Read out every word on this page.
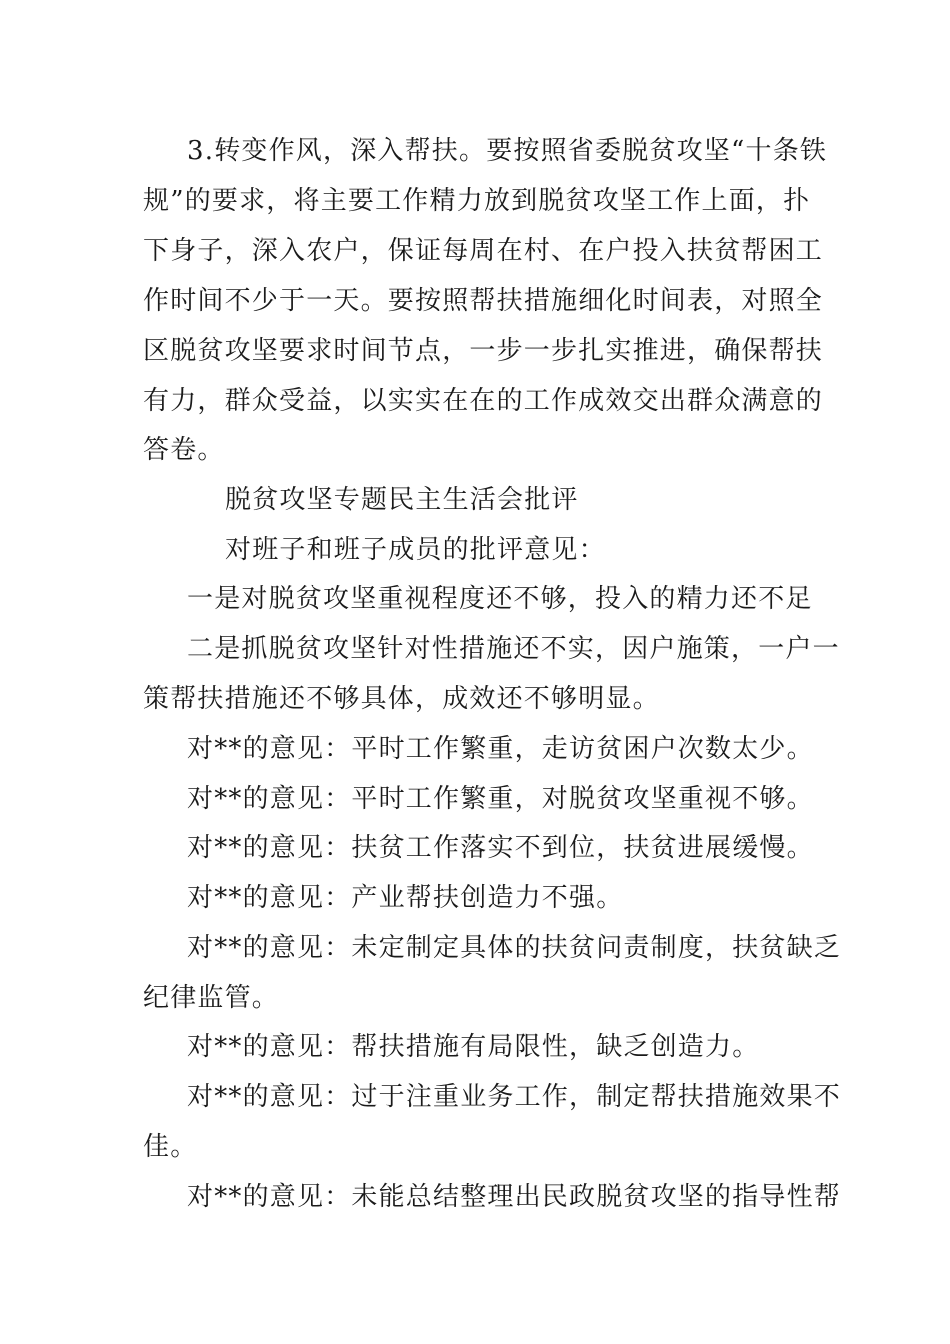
3.转变作风，深入帮扶。要按照省委脱贫攻坚“十条铁
规”的要求，将主要工作精力放到脱贫攻坚工作上面，扑
下身子，深入农户，保证每周在村、在户投入扶贫帮困工
作时间不少于一天。要按照帮扶措施细化时间表，对照全
区脱贫攻坚要求时间节点，一步一步扎实推进，确保帮扶
有力，群众受益，以实实在在的工作成效交出群众满意的
答卷。
脱贫攻坚专题民主生活会批评
对班子和班子成员的批评意见：
一是对脱贫攻坚重视程度还不够，投入的精力还不足
二是抓脱贫攻坚针对性措施还不实，因户施策，一户一
策帮扶措施还不够具体，成效还不够明显。
对**的意见：平时工作繁重，走访贫困户次数太少。
对**的意见：平时工作繁重，对脱贫攻坚重视不够。
对**的意见：扶贫工作落实不到位，扶贫进展缓慢。
对**的意见：产业帮扶创造力不强。
对**的意见：未定制定具体的扶贫问责制度，扶贫缺乏
纪律监管。
对**的意见：帮扶措施有局限性，缺乏创造力。
对**的意见：过于注重业务工作，制定帮扶措施效果不
佳。
对**的意见：未能总结整理出民政脱贫攻坚的指导性帮
